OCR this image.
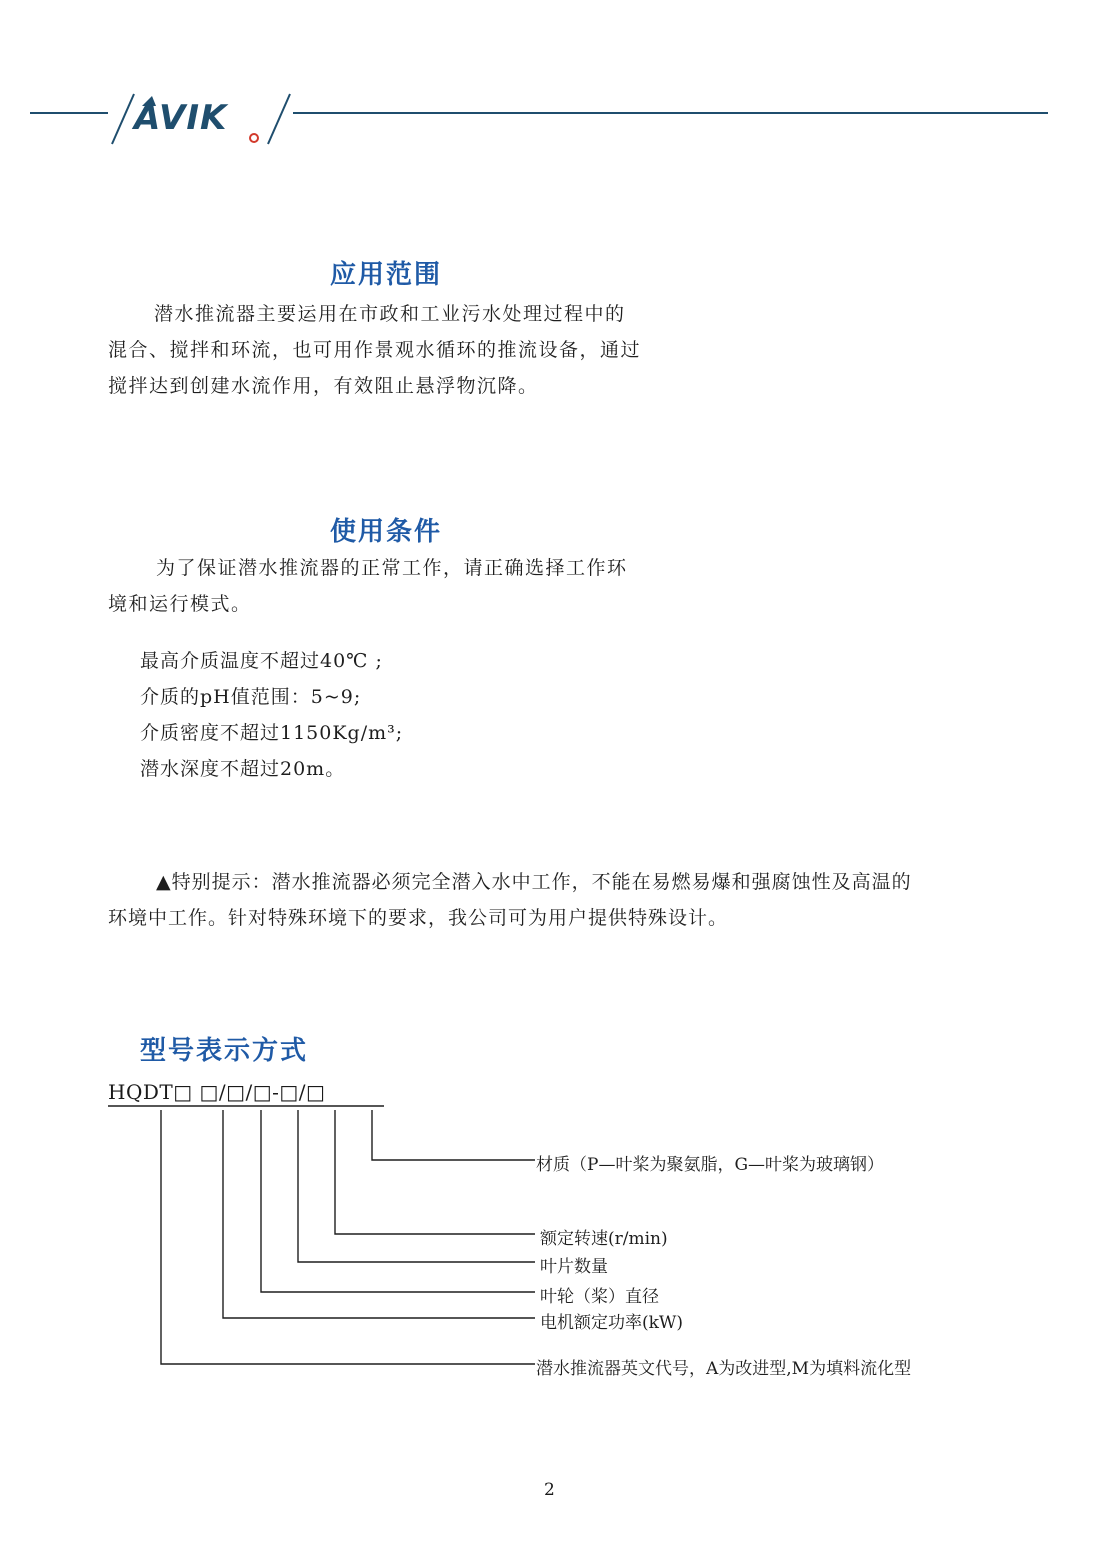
AVIK
应用范围
潜水推流器主要运用在市政和工业污水处理过程中的
混合、搅拌和环流，也可用作景观水循环的推流设备，通过
搅拌达到创建水流作用，有效阻止悬浮物沉降。
使用条件
为了保证潜水推流器的正常工作，请正确选择工作环
境和运行模式。
最高介质温度不超过40℃ ;
介质的pH值范围：5~9;
介质密度不超过1150Kg/m³;
潜水深度不超过20m。
▲特别提示：潜水推流器必须完全潜入水中工作，不能在易燃易爆和强腐蚀性及高温的
环境中工作。针对特殊环境下的要求，我公司可为用户提供特殊设计。
型号表示方式
HQDT□ □/□/□-□/□
材质（P—叶桨为聚氨脂，G—叶桨为玻璃钢）
额定转速(r/min)
叶片数量
叶轮（桨）直径
电机额定功率(kW)
潜水推流器英文代号，A为改进型,M为填料流化型
2
